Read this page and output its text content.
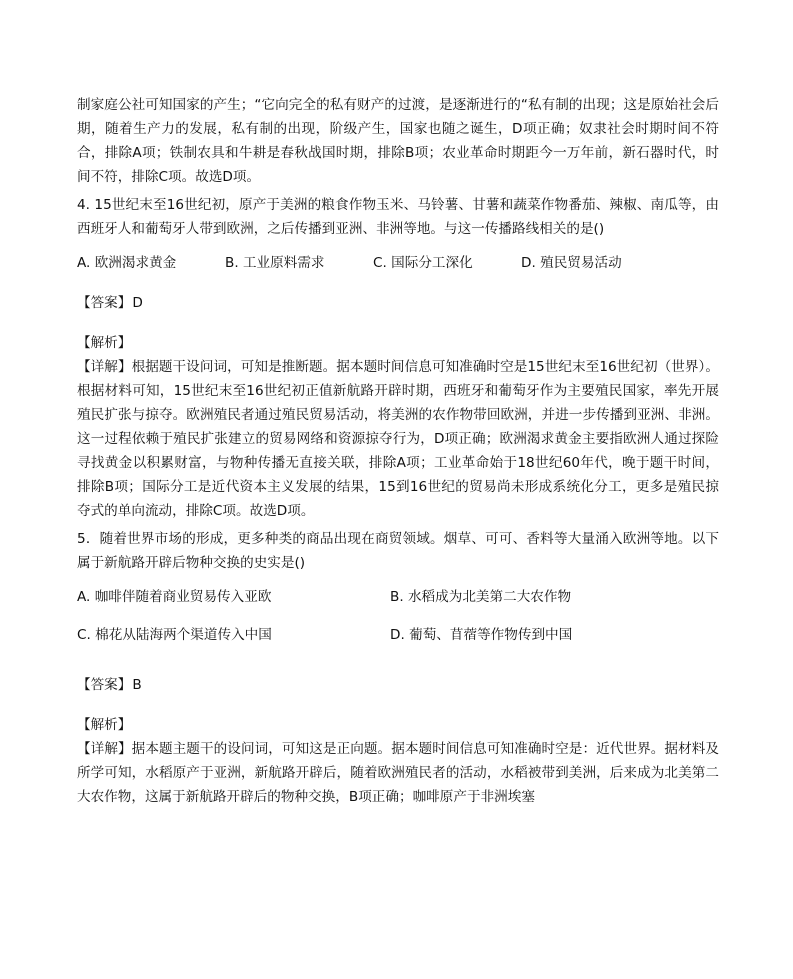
制家庭公社可知国家的产生；“它向完全的私有财产的过渡，是逐渐进行的“私有制的出现；这是原始社会后期，随着生产力的发展，私有制的出现，阶级产生，国家也随之诞生，D项正确；奴隶社会时期时间不符合，排除A项；铁制农具和牛耕是春秋战国时期，排除B项；农业革命时期距今一万年前，新石器时代，时间不符，排除C项。故选D项。

4. 15世纪末至16世纪初，原产于美洲的粮食作物玉米、马铃薯、甘薯和蔬菜作物番茄、辣椒、南瓜等，由西班牙人和葡萄牙人带到欧洲，之后传播到亚洲、非洲等地。与这一传播路线相关的是()

A. 欧洲渴求黄金	B. 工业原料需求	C. 国际分工深化	D. 殖民贸易活动

【答案】D

【解析】

【详解】根据题干设问词，可知是推断题。据本题时间信息可知准确时空是15世纪末至16世纪初（世界）。根据材料可知，15世纪末至16世纪初正值新航路开辟时期，西班牙和葡萄牙作为主要殖民国家，率先开展殖民扩张与掠夺。欧洲殖民者通过殖民贸易活动，将美洲的农作物带回欧洲，并进一步传播到亚洲、非洲。这一过程依赖于殖民扩张建立的贸易网络和资源掠夺行为，D项正确；欧洲渴求黄金主要指欧洲人通过探险寻找黄金以积累财富，与物种传播无直接关联，排除A项；工业革命始于18世纪60年代，晚于题干时间，排除B项；国际分工是近代资本主义发展的结果，15到16世纪的贸易尚未形成系统化分工，更多是殖民掠夺式的单向流动，排除C项。故选D项。

5．随着世界市场的形成，更多种类的商品出现在商贸领域。烟草、可可、香料等大量涌入欧洲等地。以下属于新航路开辟后物种交换的史实是()

A. 咖啡伴随着商业贸易传入亚欧	B. 水稻成为北美第二大农作物
C. 棉花从陆海两个渠道传入中国	D. 葡萄、苜蓿等作物传到中国

【答案】B

【解析】

【详解】据本题主题干的设问词，可知这是正向题。据本题时间信息可知准确时空是：近代世界。据材料及所学可知，水稻原产于亚洲，新航路开辟后，随着欧洲殖民者的活动，水稻被带到美洲，后来成为北美第二大农作物，这属于新航路开辟后的物种交换，B项正确；咖啡原产于非洲埃塞
